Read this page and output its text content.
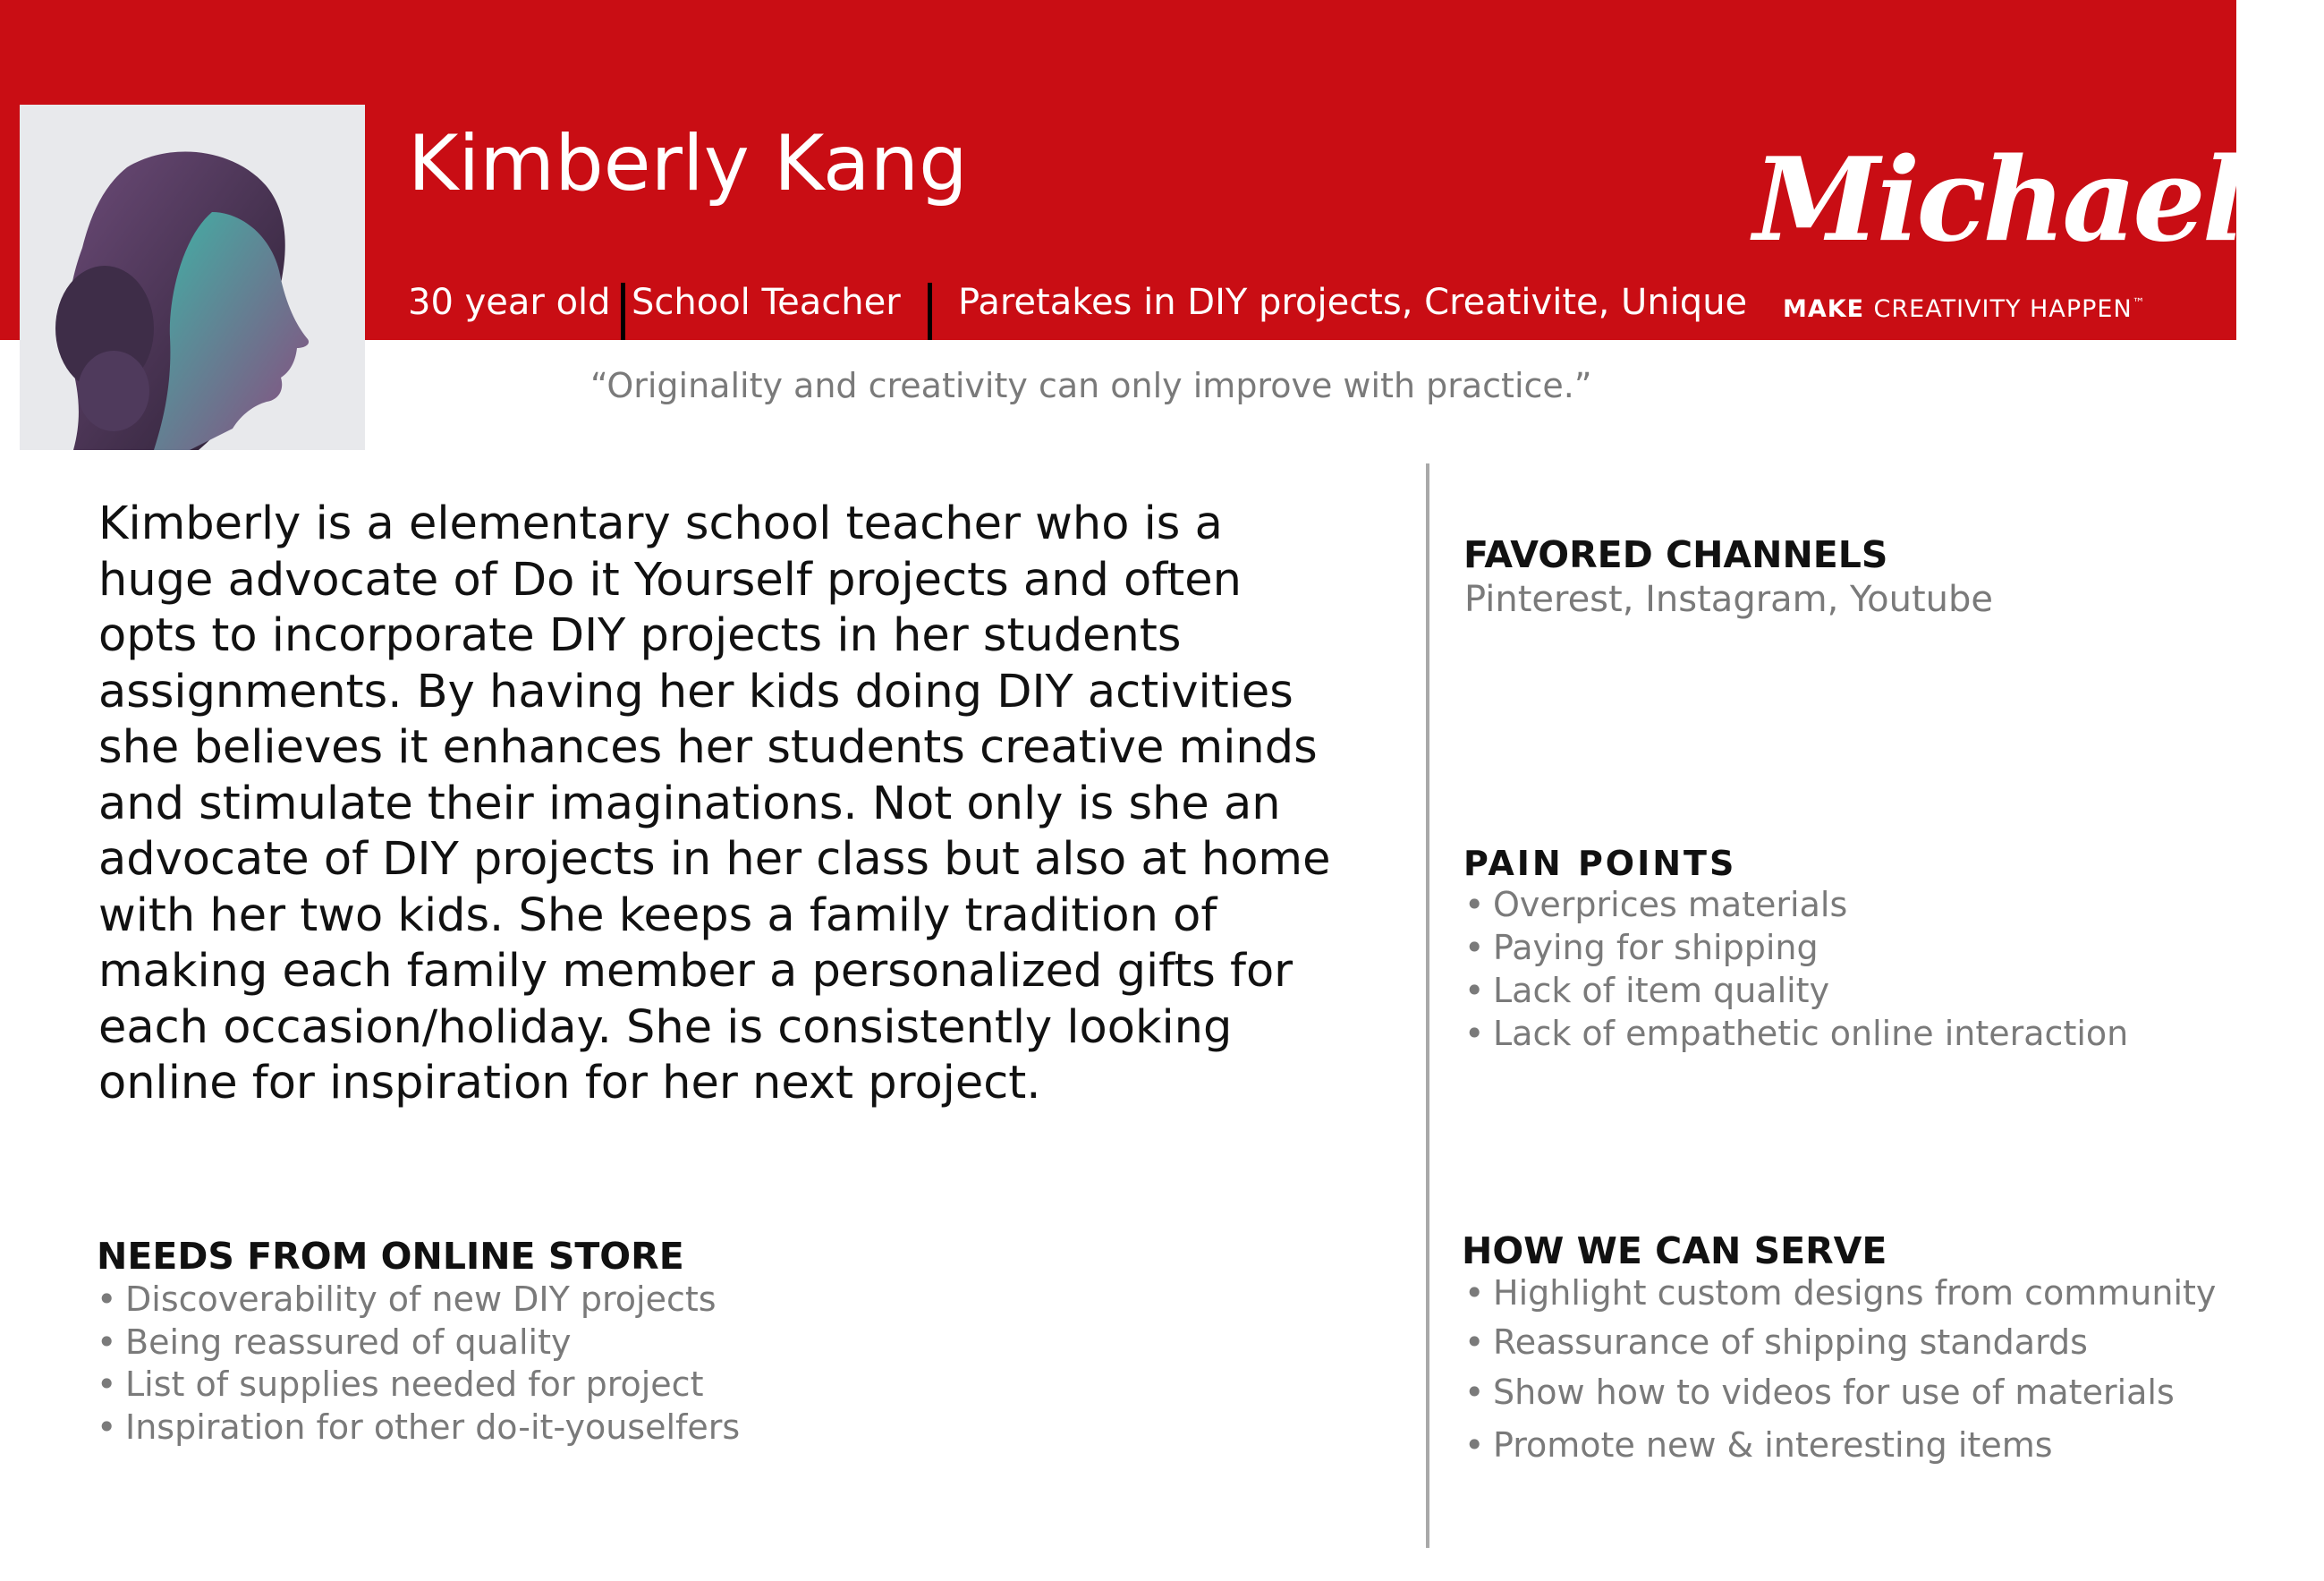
Kimberly Kang
30 year old School Teacher Paretakes in DIY projects, Creativite, Unique
Michaels®
MAKE CREATIVITY HAPPEN™
“Originality and creativity can only improve with practice.”
Kimberly is a elementary school teacher who is a
huge advocate of Do it Yourself projects and often
opts to incorporate DIY projects in her students
assignments. By having her kids doing DIY activities
she believes it enhances her students creative minds
and stimulate their imaginations. Not only is she an
advocate of DIY projects in her class but also at home
with her two kids. She keeps a family tradition of
making each family member a personalized gifts for
each occasion/holiday. She is consistently looking
online for inspiration for her next project.
FAVORED CHANNELS
Pinterest, Instagram, Youtube
PAIN POINTS
• Overprices materials
• Paying for shipping
• Lack of item quality
• Lack of empathetic online interaction
NEEDS FROM ONLINE STORE
• Discoverability of new DIY projects
• Being reassured of quality
• List of supplies needed for project
• Inspiration for other do-it-youselfers
HOW WE CAN SERVE
• Highlight custom designs from community
• Reassurance of shipping standards
• Show how to videos for use of materials
• Promote new & interesting items
